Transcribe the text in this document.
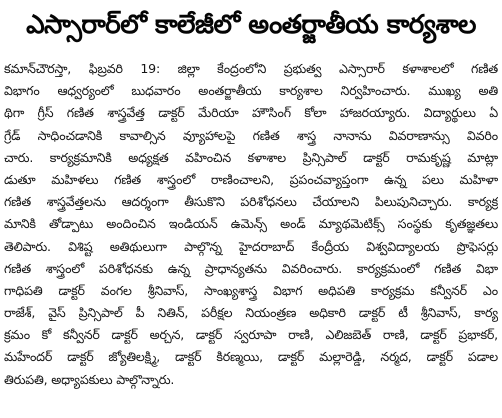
ఎస్సారార్‌లో కాలేజీలో అంతర్జాతీయ కార్యశాల
కమాన్‌చౌరస్తా, ఫిబ్రవరి 19: జిల్లా కేంద్రంలోని ప్రభుత్వ ఎస్సారార్ కళాశాలలో గణిత
విభాగం ఆధ్వర్యంలో బుధవారం అంతర్జాతీయ కార్యశాల నిర్వహించారు. ముఖ్య అతి
థిగా గ్రీస్ గణిత శాస్త్రవేత్త డాక్టర్ మేరియా హౌసింగ్ కోలా హాజరయ్యారు. విద్యార్థులు ఏ
గ్రేడ్ సాధించడానికి కావాల్సిన వ్యూహాలపై గణిత శాస్త్ర నానాను వివరాణాన్సు వివరిం
చారు. కార్యక్రమానికి అధ్యక్షత వహించిన కళాశాల ప్రిన్సిపాల్ డాక్టర్ రామకృష్ణ మాట్లా
డుతూ మహిళలు గణిత శాస్త్రంలో రాణించాలని, ప్రపంచవ్యాప్తంగా ఉన్న పలు మహిళా
గణిత శాస్త్రవేత్తలను ఆదర్శంగా తీసుకొని పరిశోధనలు చేయాలని పిలుపునిచ్చారు. కార్యక్ర
మానికి తోడ్పాటు అందించిన ఇండియన్ ఉమెన్స్ అండ్ మ్యాథమెటిక్స్ సంస్థకు కృతజ్ఞతలు
తెలిపారు. విశిష్ట అతిథులుగా పాల్గొన్న హైదరాబాద్ కేంద్రీయ విశ్వవిద్యాలయ ప్రొఫెసర్లు
గణిత శాస్త్రంలో పరిశోధనకు ఉన్న ప్రాధాన్యతను వివరించారు. కార్యక్రమంలో గణిత విభా
గాధిపతి డాక్టర్ వంగల శ్రీనివాస్, సాంఖ్యశాస్త్ర విభాగ అధిపతి కార్యక్రమ కన్వీనర్ ఎం
రాజేశ్, వైస్ ప్రిన్సిపాల్ పీ నితిన్, పరీక్షల నియంత్రణ అధికారి డాక్టర్ టీ శ్రీనివాస్, కార్య
క్రమం కో కన్వీనర్ డాక్టర్ అర్చన, డాక్టర్ స్వరూపా రాణి, ఎలిజబెత్ రాణి, డాక్టర్ ప్రభాకర్,
మహేందర్ డాక్టర్ జ్యోతిలక్ష్మి, డాక్టర్ కిరణ్మయి, డాక్టర్ మల్లారెడ్డి, నర్మద, డాక్టర్ పడాల
తిరుపతి, అధ్యాపకులు పాల్గొన్నారు.
